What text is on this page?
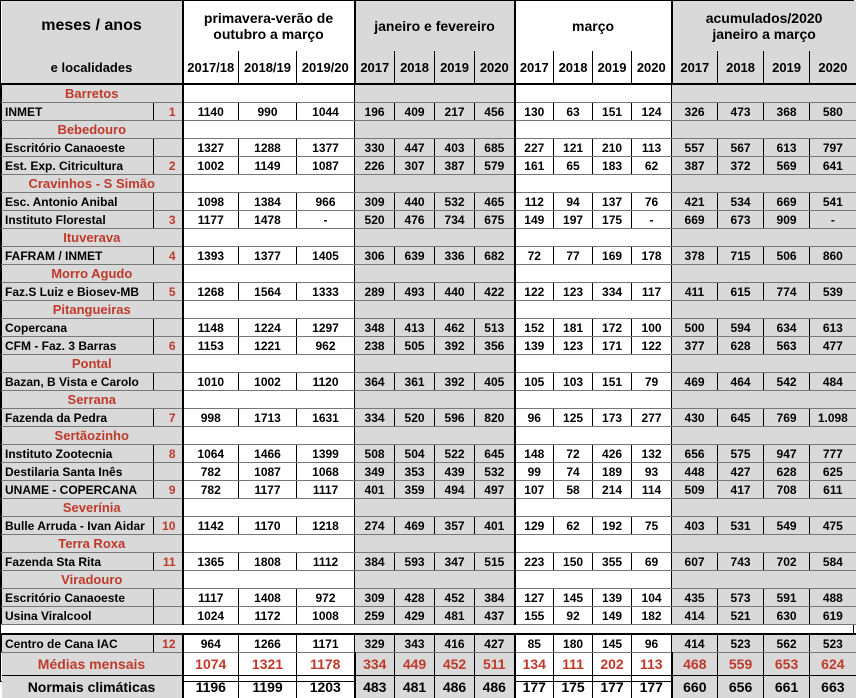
meses / anos		primavera-verão de
outubro a março			janeiro e fevereiro				março				acumulados/2020
janeiro a março			
e localidades		2017/18	2018/19	2019/20	2017	2018	2019	2020	2017	2018	2019	2020	2017	2018	2019	2020
Barretos																
INMET	1	1140	990	1044	196	409	217	456	130	63	151	124	326	473	368	580
Bebedouro																
Escritório Canaoeste		1327	1288	1377	330	447	403	685	227	121	210	113	557	567	613	797
Est. Exp. Citricultura	2	1002	1149	1087	226	307	387	579	161	65	183	62	387	372	569	641
Cravinhos - S Simão																
Esc. Antonio Anibal		1098	1384	966	309	440	532	465	112	94	137	76	421	534	669	541
Instituto Florestal	3	1177	1478	-	520	476	734	675	149	197	175	-	669	673	909	-
Ituverava																
FAFRAM / INMET	4	1393	1377	1405	306	639	336	682	72	77	169	178	378	715	506	860
Morro Agudo																
Faz.S Luiz e Biosev-MB	5	1268	1564	1333	289	493	440	422	122	123	334	117	411	615	774	539
Pitangueiras																
Copercana		1148	1224	1297	348	413	462	513	152	181	172	100	500	594	634	613
CFM - Faz. 3 Barras	6	1153	1221	962	238	505	392	356	139	123	171	122	377	628	563	477
Pontal																
Bazan, B Vista e Carolo		1010	1002	1120	364	361	392	405	105	103	151	79	469	464	542	484
Serrana																
Fazenda da Pedra	7	998	1713	1631	334	520	596	820	96	125	173	277	430	645	769	1.098
Sertãozinho																
Instituto Zootecnia	8	1064	1466	1399	508	504	522	645	148	72	426	132	656	575	947	777
Destilaria Santa Inês		782	1087	1068	349	353	439	532	99	74	189	93	448	427	628	625
UNAME - COPERCANA	9	782	1177	1117	401	359	494	497	107	58	214	114	509	417	708	611
Severínia																
Bulle Arruda - Ivan Aidar	10	1142	1170	1218	274	469	357	401	129	62	192	75	403	531	549	475
Terra Roxa																
Fazenda Sta Rita	11	1365	1808	1112	384	593	347	515	223	150	355	69	607	743	702	584
Viradouro																
Escritório Canaoeste		1117	1408	972	309	428	452	384	127	145	139	104	435	573	591	488
Usina Viralcool		1024	1172	1008	259	429	481	437	155	92	149	182	414	521	630	619

Centro de Cana IAC	12	964	1266	1171	329	343	416	427	85	180	145	96	414	523	562	523
Médias mensais		1074	1321	1178	334	449	452	511	134	111	202	113	468	559	653	624
Normais climáticas		1196	1199	1203	483	481	486	486	177	175	177	177	660	656	661	663
